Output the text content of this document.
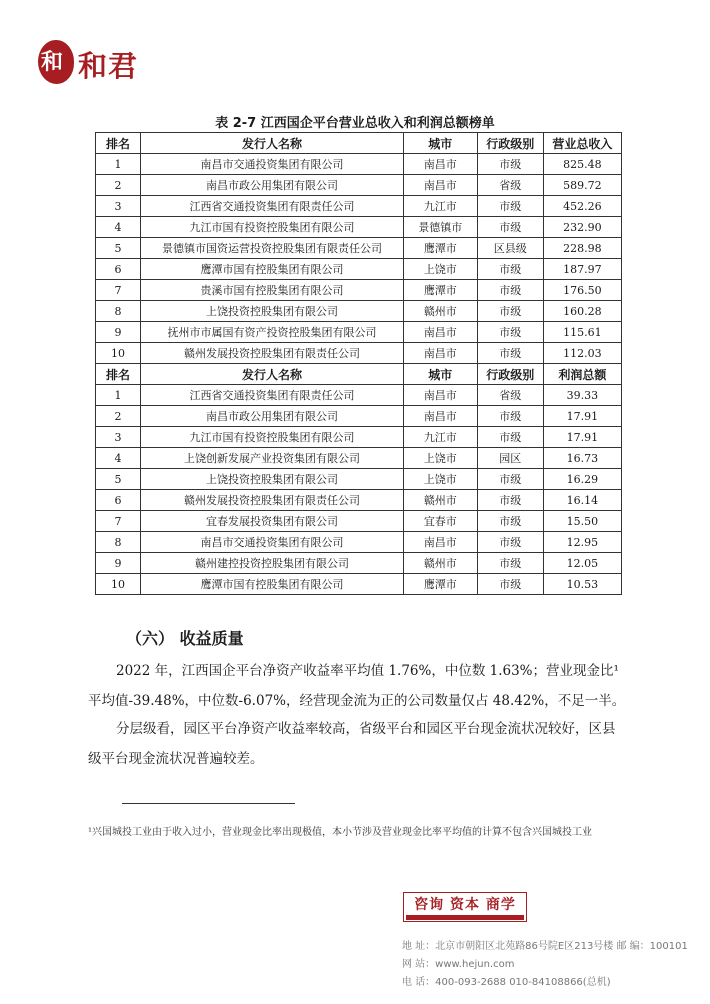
和 和君
表 2-7 江西国企平台营业总收入和利润总额榜单
排名	发行人名称	城市	行政级别	营业总收入
1	南昌市交通投资集团有限公司	南昌市	市级	825.48
2	南昌市政公用集团有限公司	南昌市	省级	589.72
3	江西省交通投资集团有限责任公司	九江市	市级	452.26
4	九江市国有投资控股集团有限公司	景德镇市	市级	232.90
5	景德镇市国资运营投资控股集团有限责任公司	鹰潭市	区县级	228.98
6	鹰潭市国有控股集团有限公司	上饶市	市级	187.97
7	贵溪市国有控股集团有限公司	鹰潭市	市级	176.50
8	上饶投资控股集团有限公司	赣州市	市级	160.28
9	抚州市市属国有资产投资控股集团有限公司	南昌市	市级	115.61
10	赣州发展投资控股集团有限责任公司	南昌市	市级	112.03
排名	发行人名称	城市	行政级别	利润总额
1	江西省交通投资集团有限责任公司	南昌市	省级	39.33
2	南昌市政公用集团有限公司	南昌市	市级	17.91
3	九江市国有投资控股集团有限公司	九江市	市级	17.91
4	上饶创新发展产业投资集团有限公司	上饶市	园区	16.73
5	上饶投资控股集团有限公司	上饶市	市级	16.29
6	赣州发展投资控股集团有限责任公司	赣州市	市级	16.14
7	宜春发展投资集团有限公司	宜春市	市级	15.50
8	南昌市交通投资集团有限公司	南昌市	市级	12.95
9	赣州建控投资控股集团有限公司	赣州市	市级	12.05
10	鹰潭市国有控股集团有限公司	鹰潭市	市级	10.53
（六） 收益质量
2022 年，江西国企平台净资产收益率平均值 1.76%，中位数 1.63%；营业现金比¹平均值-39.48%，中位数-6.07%，经营现金流为正的公司数量仅占 48.42%，不足一半。
分层级看，园区平台净资产收益率较高，省级平台和园区平台现金流状况较好，区县级平台现金流状况普遍较差。
¹兴国城投工业由于收入过小，营业现金比率出现极值，本小节涉及营业现金比率平均值的计算不包含兴国城投工业
咨询 资本 商学
地 址：北京市朝阳区北苑路86号院E区213号楼 邮 编：100101
网 站：www.hejun.com
电 话：400-093-2688 010-84108866(总机)
